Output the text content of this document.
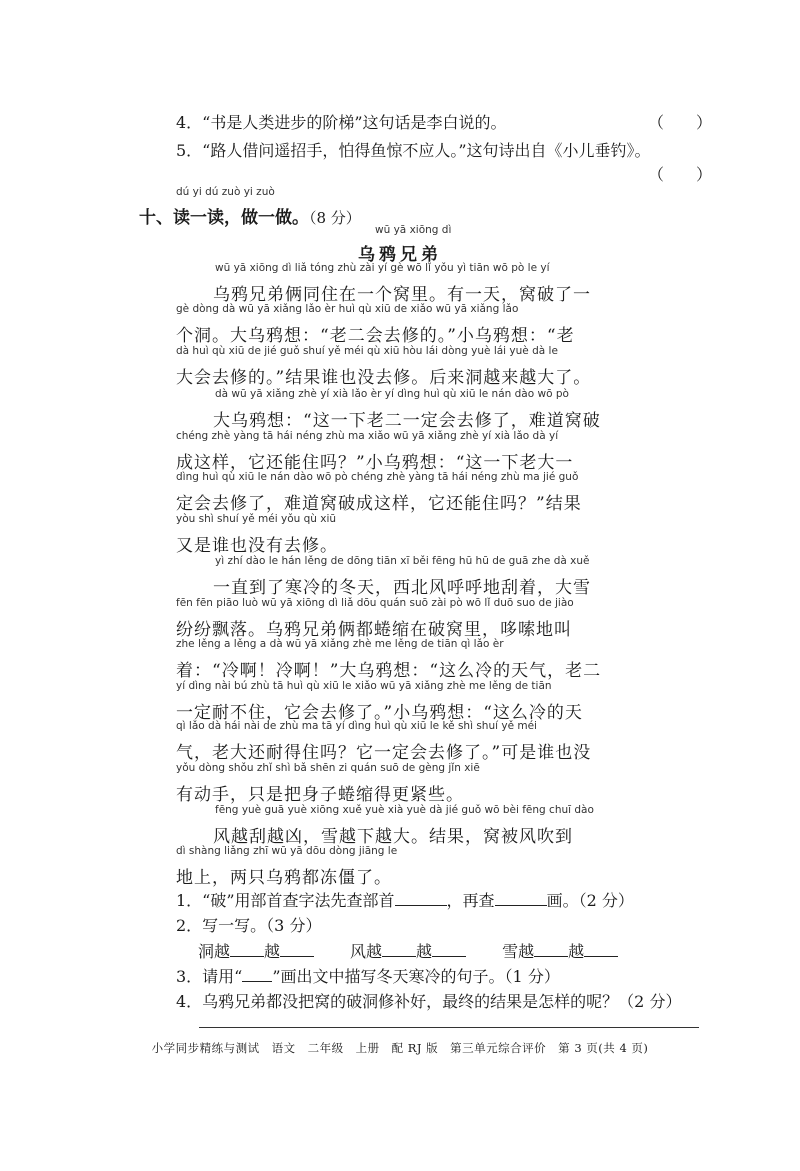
4．“书是人类进步的阶梯”这句话是李白说的。	（　　）
5．“路人借问遥招手，怕得鱼惊不应人。”这句诗出自《小儿垂钓》。
（　　）
dú yi dú zuò yi zuò
十、读一读，做一做。（8 分）
wū yā xiōng dì
乌鸦兄弟
wū yā xiōng dì liǎ tóng zhù zài yí gè wō lǐ yǒu yì tiān wō pò le yí
乌鸦兄弟俩同住在一个窝里。有一天，窝破了一
gè dòng dà wū yā xiǎng lǎo èr huì qù xiū de xiǎo wū yā xiǎng lǎo
个洞。大乌鸦想：“老二会去修的。”小乌鸦想：“老
dà huì qù xiū de jié guǒ shuí yě méi qù xiū hòu lái dòng yuè lái yuè dà le
大会去修的。”结果谁也没去修。后来洞越来越大了。
dà wū yā xiǎng zhè yí xià lǎo èr yí dìng huì qù xiū le nán dào wō pò
大乌鸦想：“这一下老二一定会去修了，难道窝破
chéng zhè yàng tā hái néng zhù ma xiǎo wū yā xiǎng zhè yí xià lǎo dà yí
成这样，它还能住吗？”小乌鸦想：“这一下老大一
dìng huì qù xiū le nán dào wō pò chéng zhè yàng tā hái néng zhù ma jié guǒ
定会去修了，难道窝破成这样，它还能住吗？”结果
yòu shì shuí yě méi yǒu qù xiū
又是谁也没有去修。
yì zhí dào le hán lěng de dōng tiān xī běi fēng hū hū de guā zhe dà xuě
一直到了寒冷的冬天，西北风呼呼地刮着，大雪
fēn fēn piāo luò wū yā xiōng dì liǎ dōu quán suō zài pò wō lǐ duō suo de jiào
纷纷飘落。乌鸦兄弟俩都蜷缩在破窝里，哆嗦地叫
zhe lěng a lěng a dà wū yā xiǎng zhè me lěng de tiān qì lǎo èr
着：“冷啊！冷啊！”大乌鸦想：“这么冷的天气，老二
yí dìng nài bú zhù tā huì qù xiū le xiǎo wū yā xiǎng zhè me lěng de tiān
一定耐不住，它会去修了。”小乌鸦想：“这么冷的天
qì lǎo dà hái nài de zhù ma tā yí dìng huì qù xiū le kě shì shuí yě méi
气，老大还耐得住吗？它一定会去修了。”可是谁也没
yǒu dòng shǒu zhǐ shì bǎ shēn zi quán suō de gèng jǐn xiē
有动手，只是把身子蜷缩得更紧些。
fēng yuè guā yuè xiōng xuě yuè xià yuè dà jié guǒ wō bèi fēng chuī dào
风越刮越凶，雪越下越大。结果，窝被风吹到
dì shàng liǎng zhī wū yā dōu dòng jiāng le
地上，两只乌鸦都冻僵了。
1．“破”用部首查字法先查部首	，再查	画。（2 分）
2．写一写。（3 分）
洞越 越	风越 越	雪越 越
3．请用“ ”画出文中描写冬天寒冷的句子。（1 分）
4．乌鸦兄弟都没把窝的破洞修补好，最终的结果是怎样的呢？（2 分）
小学同步精练与测试　语文　二年级　上册　配 RJ 版　第三单元综合评价　第 3 页(共 4 页)
